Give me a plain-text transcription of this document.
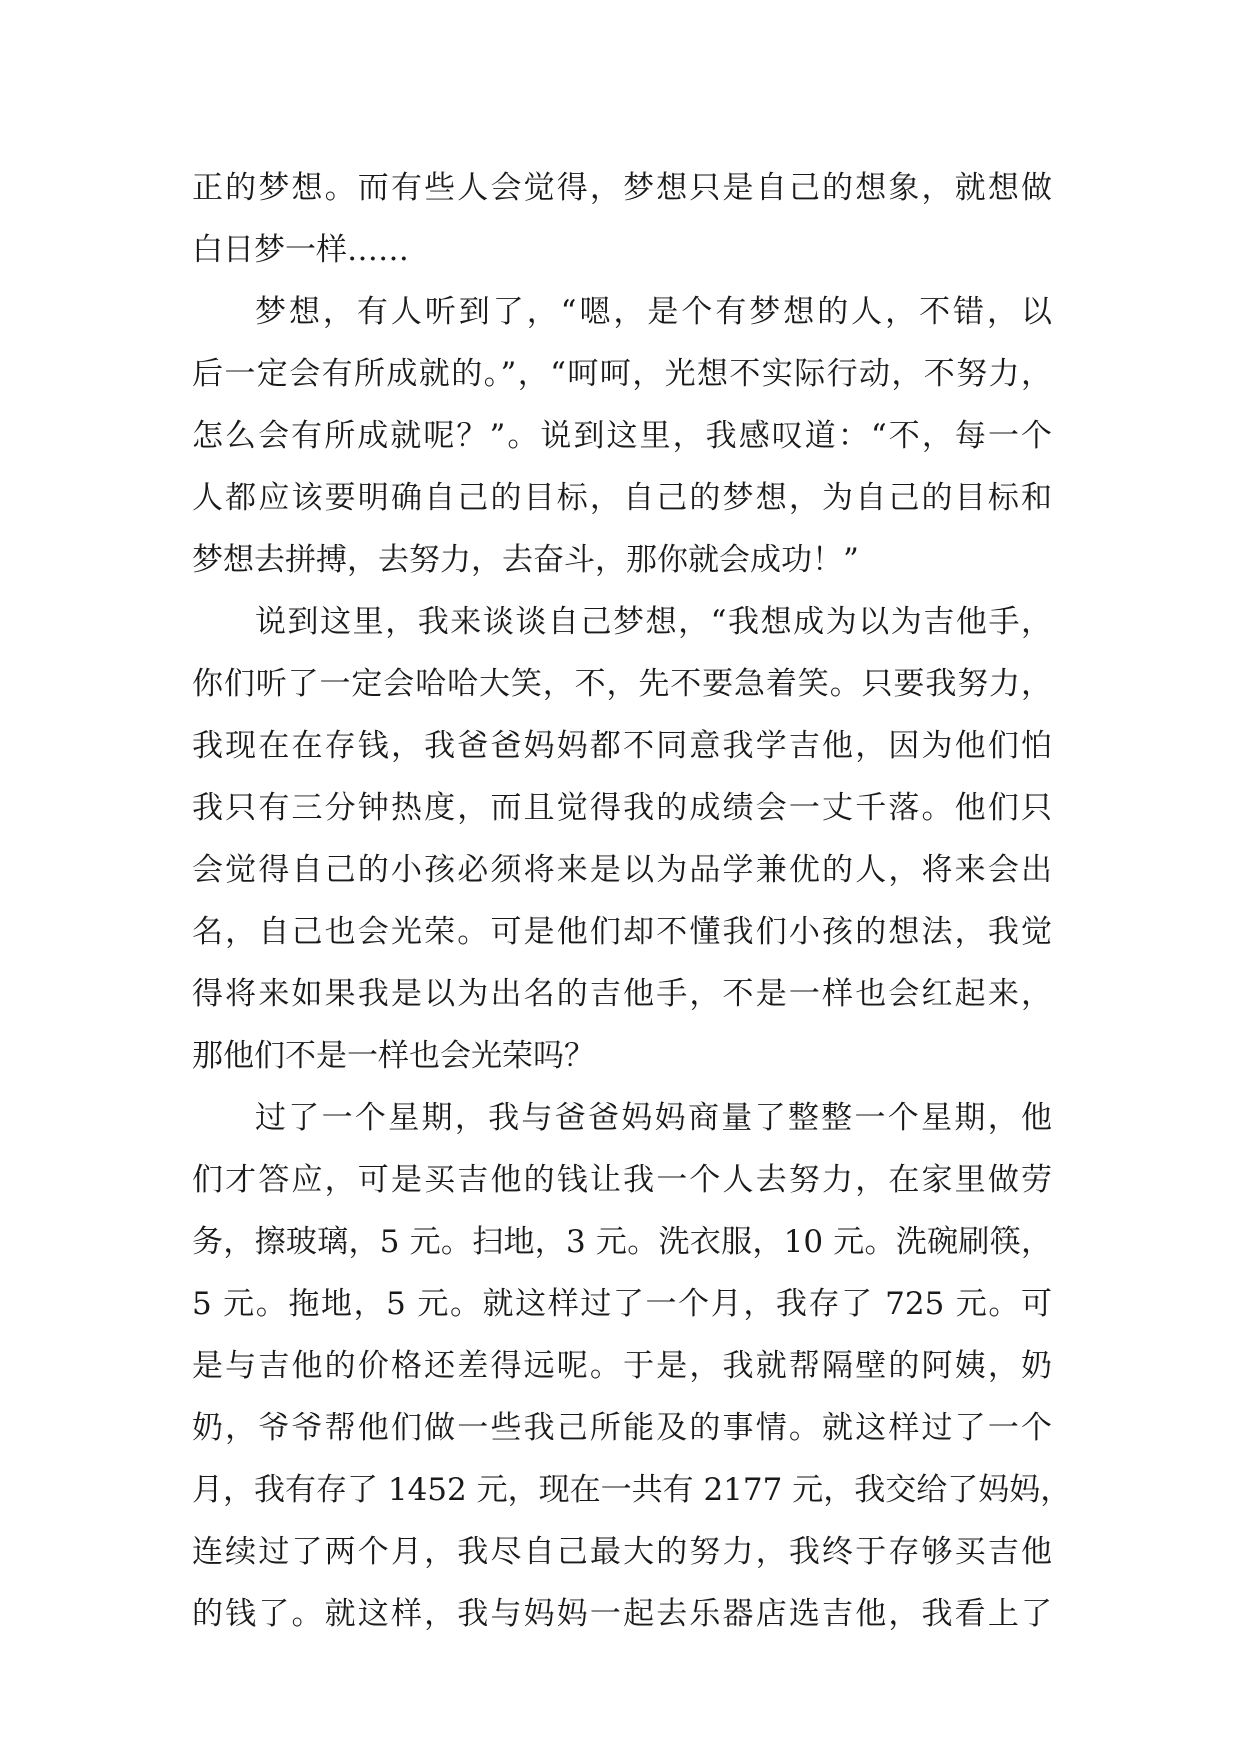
正的梦想。而有些人会觉得，梦想只是自己的想象，就想做
白日梦一样……
梦想，有人听到了，“嗯，是个有梦想的人，不错，以
后一定会有所成就的。”，“呵呵，光想不实际行动，不努力，
怎么会有所成就呢？”。说到这里，我感叹道：“不，每一个
人都应该要明确自己的目标，自己的梦想，为自己的目标和
梦想去拼搏，去努力，去奋斗，那你就会成功！”
说到这里，我来谈谈自己梦想，“我想成为以为吉他手，
你们听了一定会哈哈大笑，不，先不要急着笑。只要我努力，
我现在在存钱，我爸爸妈妈都不同意我学吉他，因为他们怕
我只有三分钟热度，而且觉得我的成绩会一丈千落。他们只
会觉得自己的小孩必须将来是以为品学兼优的人，将来会出
名，自己也会光荣。可是他们却不懂我们小孩的想法，我觉
得将来如果我是以为出名的吉他手，不是一样也会红起来，
那他们不是一样也会光荣吗？
过了一个星期，我与爸爸妈妈商量了整整一个星期，他
们才答应，可是买吉他的钱让我一个人去努力，在家里做劳
务，擦玻璃，5 元。扫地，3 元。洗衣服，10 元。洗碗刷筷，
5 元。拖地，5 元。就这样过了一个月，我存了 725 元。可
是与吉他的价格还差得远呢。于是，我就帮隔壁的阿姨，奶
奶，爷爷帮他们做一些我己所能及的事情。就这样过了一个
月，我有存了 1452 元，现在一共有 2177 元，我交给了妈妈，
连续过了两个月，我尽自己最大的努力，我终于存够买吉他
的钱了。就这样，我与妈妈一起去乐器店选吉他，我看上了
